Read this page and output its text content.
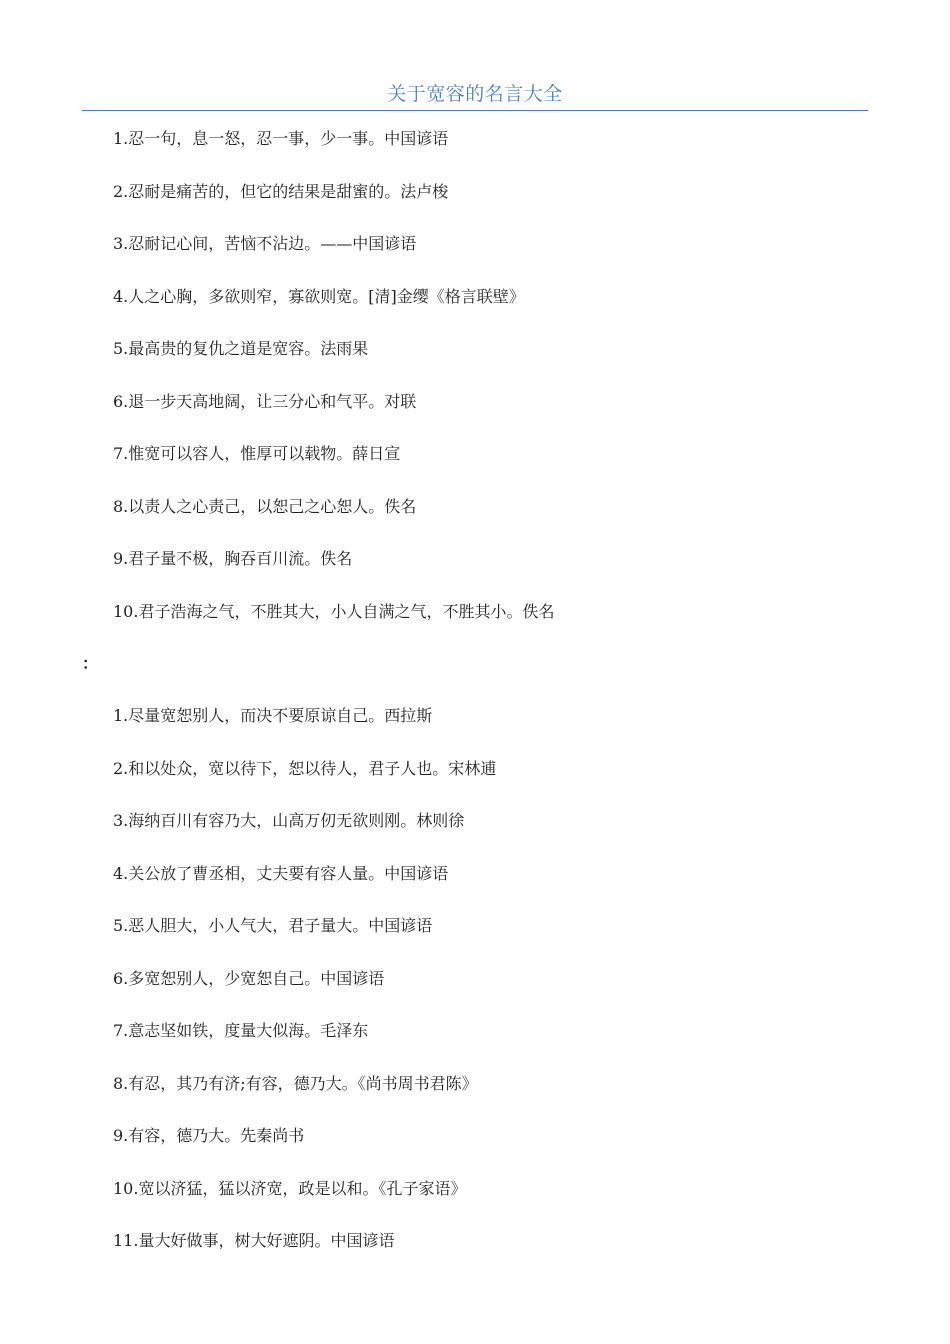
关于宽容的名言大全
1.忍一句，息一怒，忍一事，少一事。中国谚语
2.忍耐是痛苦的，但它的结果是甜蜜的。法卢梭
3.忍耐记心间，苦恼不沾边。——中国谚语
4.人之心胸，多欲则窄，寡欲则宽。[清]金缨《格言联壁》
5.最高贵的复仇之道是宽容。法雨果
6.退一步天高地阔，让三分心和气平。对联
7.惟宽可以容人，惟厚可以载物。薛日宣
8.以责人之心责己，以恕己之心恕人。佚名
9.君子量不极，胸吞百川流。佚名
10.君子浩海之气，不胜其大，小人自满之气，不胜其小。佚名
：
1.尽量宽恕别人，而决不要原谅自己。西拉斯
2.和以处众，宽以待下，恕以待人，君子人也。宋林逋
3.海纳百川有容乃大，山高万仞无欲则刚。林则徐
4.关公放了曹丞相，丈夫要有容人量。中国谚语
5.恶人胆大，小人气大，君子量大。中国谚语
6.多宽恕别人，少宽恕自己。中国谚语
7.意志坚如铁，度量大似海。毛泽东
8.有忍，其乃有济;有容，德乃大。《尚书周书君陈》
9.有容，德乃大。先秦尚书
10.宽以济猛，猛以济宽，政是以和。《孔子家语》
11.量大好做事，树大好遮阴。中国谚语
